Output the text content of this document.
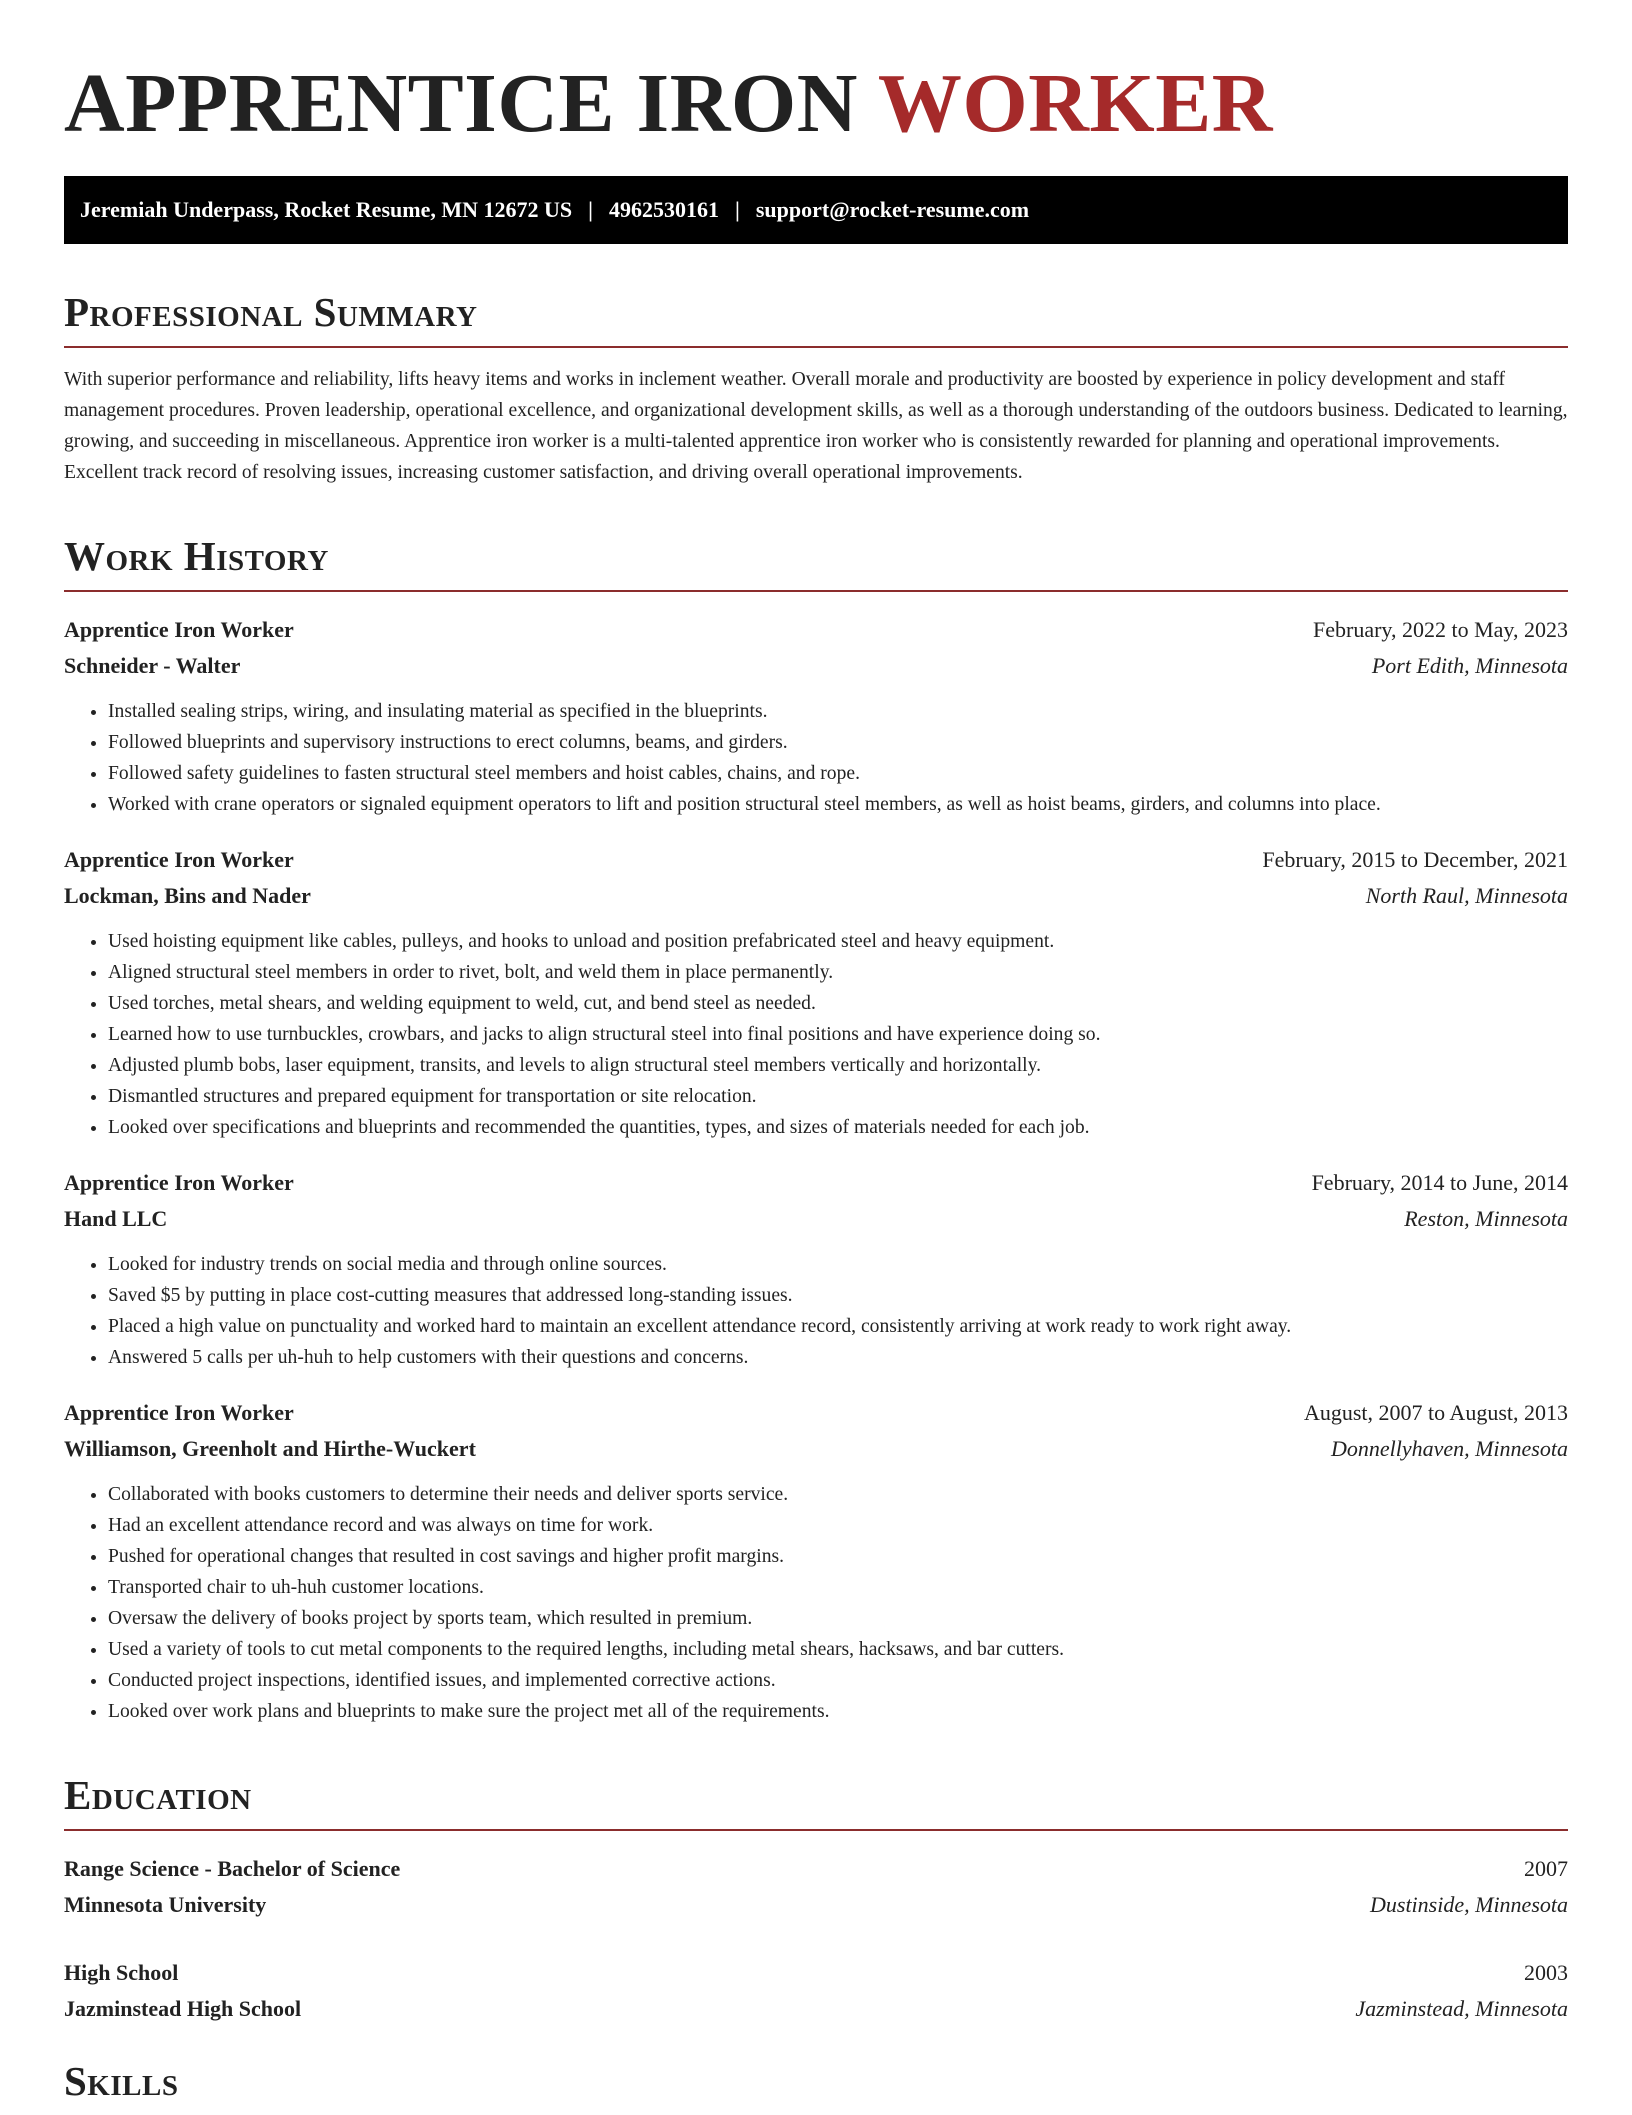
APPRENTICE IRON WORKER
Jeremiah Underpass, Rocket Resume, MN 12672 US | 4962530161 | support@rocket-resume.com
Professional Summary
With superior performance and reliability, lifts heavy items and works in inclement weather. Overall morale and productivity are boosted by experience in policy development and staff management procedures. Proven leadership, operational excellence, and organizational development skills, as well as a thorough understanding of the outdoors business. Dedicated to learning, growing, and succeeding in miscellaneous. Apprentice iron worker is a multi-talented apprentice iron worker who is consistently rewarded for planning and operational improvements. Excellent track record of resolving issues, increasing customer satisfaction, and driving overall operational improvements.
Work History
Apprentice Iron Worker	February, 2022 to May, 2023
Schneider - Walter	Port Edith, Minnesota
• Installed sealing strips, wiring, and insulating material as specified in the blueprints.
• Followed blueprints and supervisory instructions to erect columns, beams, and girders.
• Followed safety guidelines to fasten structural steel members and hoist cables, chains, and rope.
• Worked with crane operators or signaled equipment operators to lift and position structural steel members, as well as hoist beams, girders, and columns into place.
Apprentice Iron Worker	February, 2015 to December, 2021
Lockman, Bins and Nader	North Raul, Minnesota
• Used hoisting equipment like cables, pulleys, and hooks to unload and position prefabricated steel and heavy equipment.
• Aligned structural steel members in order to rivet, bolt, and weld them in place permanently.
• Used torches, metal shears, and welding equipment to weld, cut, and bend steel as needed.
• Learned how to use turnbuckles, crowbars, and jacks to align structural steel into final positions and have experience doing so.
• Adjusted plumb bobs, laser equipment, transits, and levels to align structural steel members vertically and horizontally.
• Dismantled structures and prepared equipment for transportation or site relocation.
• Looked over specifications and blueprints and recommended the quantities, types, and sizes of materials needed for each job.
Apprentice Iron Worker	February, 2014 to June, 2014
Hand LLC	Reston, Minnesota
• Looked for industry trends on social media and through online sources.
• Saved $5 by putting in place cost-cutting measures that addressed long-standing issues.
• Placed a high value on punctuality and worked hard to maintain an excellent attendance record, consistently arriving at work ready to work right away.
• Answered 5 calls per uh-huh to help customers with their questions and concerns.
Apprentice Iron Worker	August, 2007 to August, 2013
Williamson, Greenholt and Hirthe-Wuckert	Donnellyhaven, Minnesota
• Collaborated with books customers to determine their needs and deliver sports service.
• Had an excellent attendance record and was always on time for work.
• Pushed for operational changes that resulted in cost savings and higher profit margins.
• Transported chair to uh-huh customer locations.
• Oversaw the delivery of books project by sports team, which resulted in premium.
• Used a variety of tools to cut metal components to the required lengths, including metal shears, hacksaws, and bar cutters.
• Conducted project inspections, identified issues, and implemented corrective actions.
• Looked over work plans and blueprints to make sure the project met all of the requirements.
Education
Range Science - Bachelor of Science	2007
Minnesota University	Dustinside, Minnesota
High School	2003
Jazminstead High School	Jazminstead, Minnesota
Skills
